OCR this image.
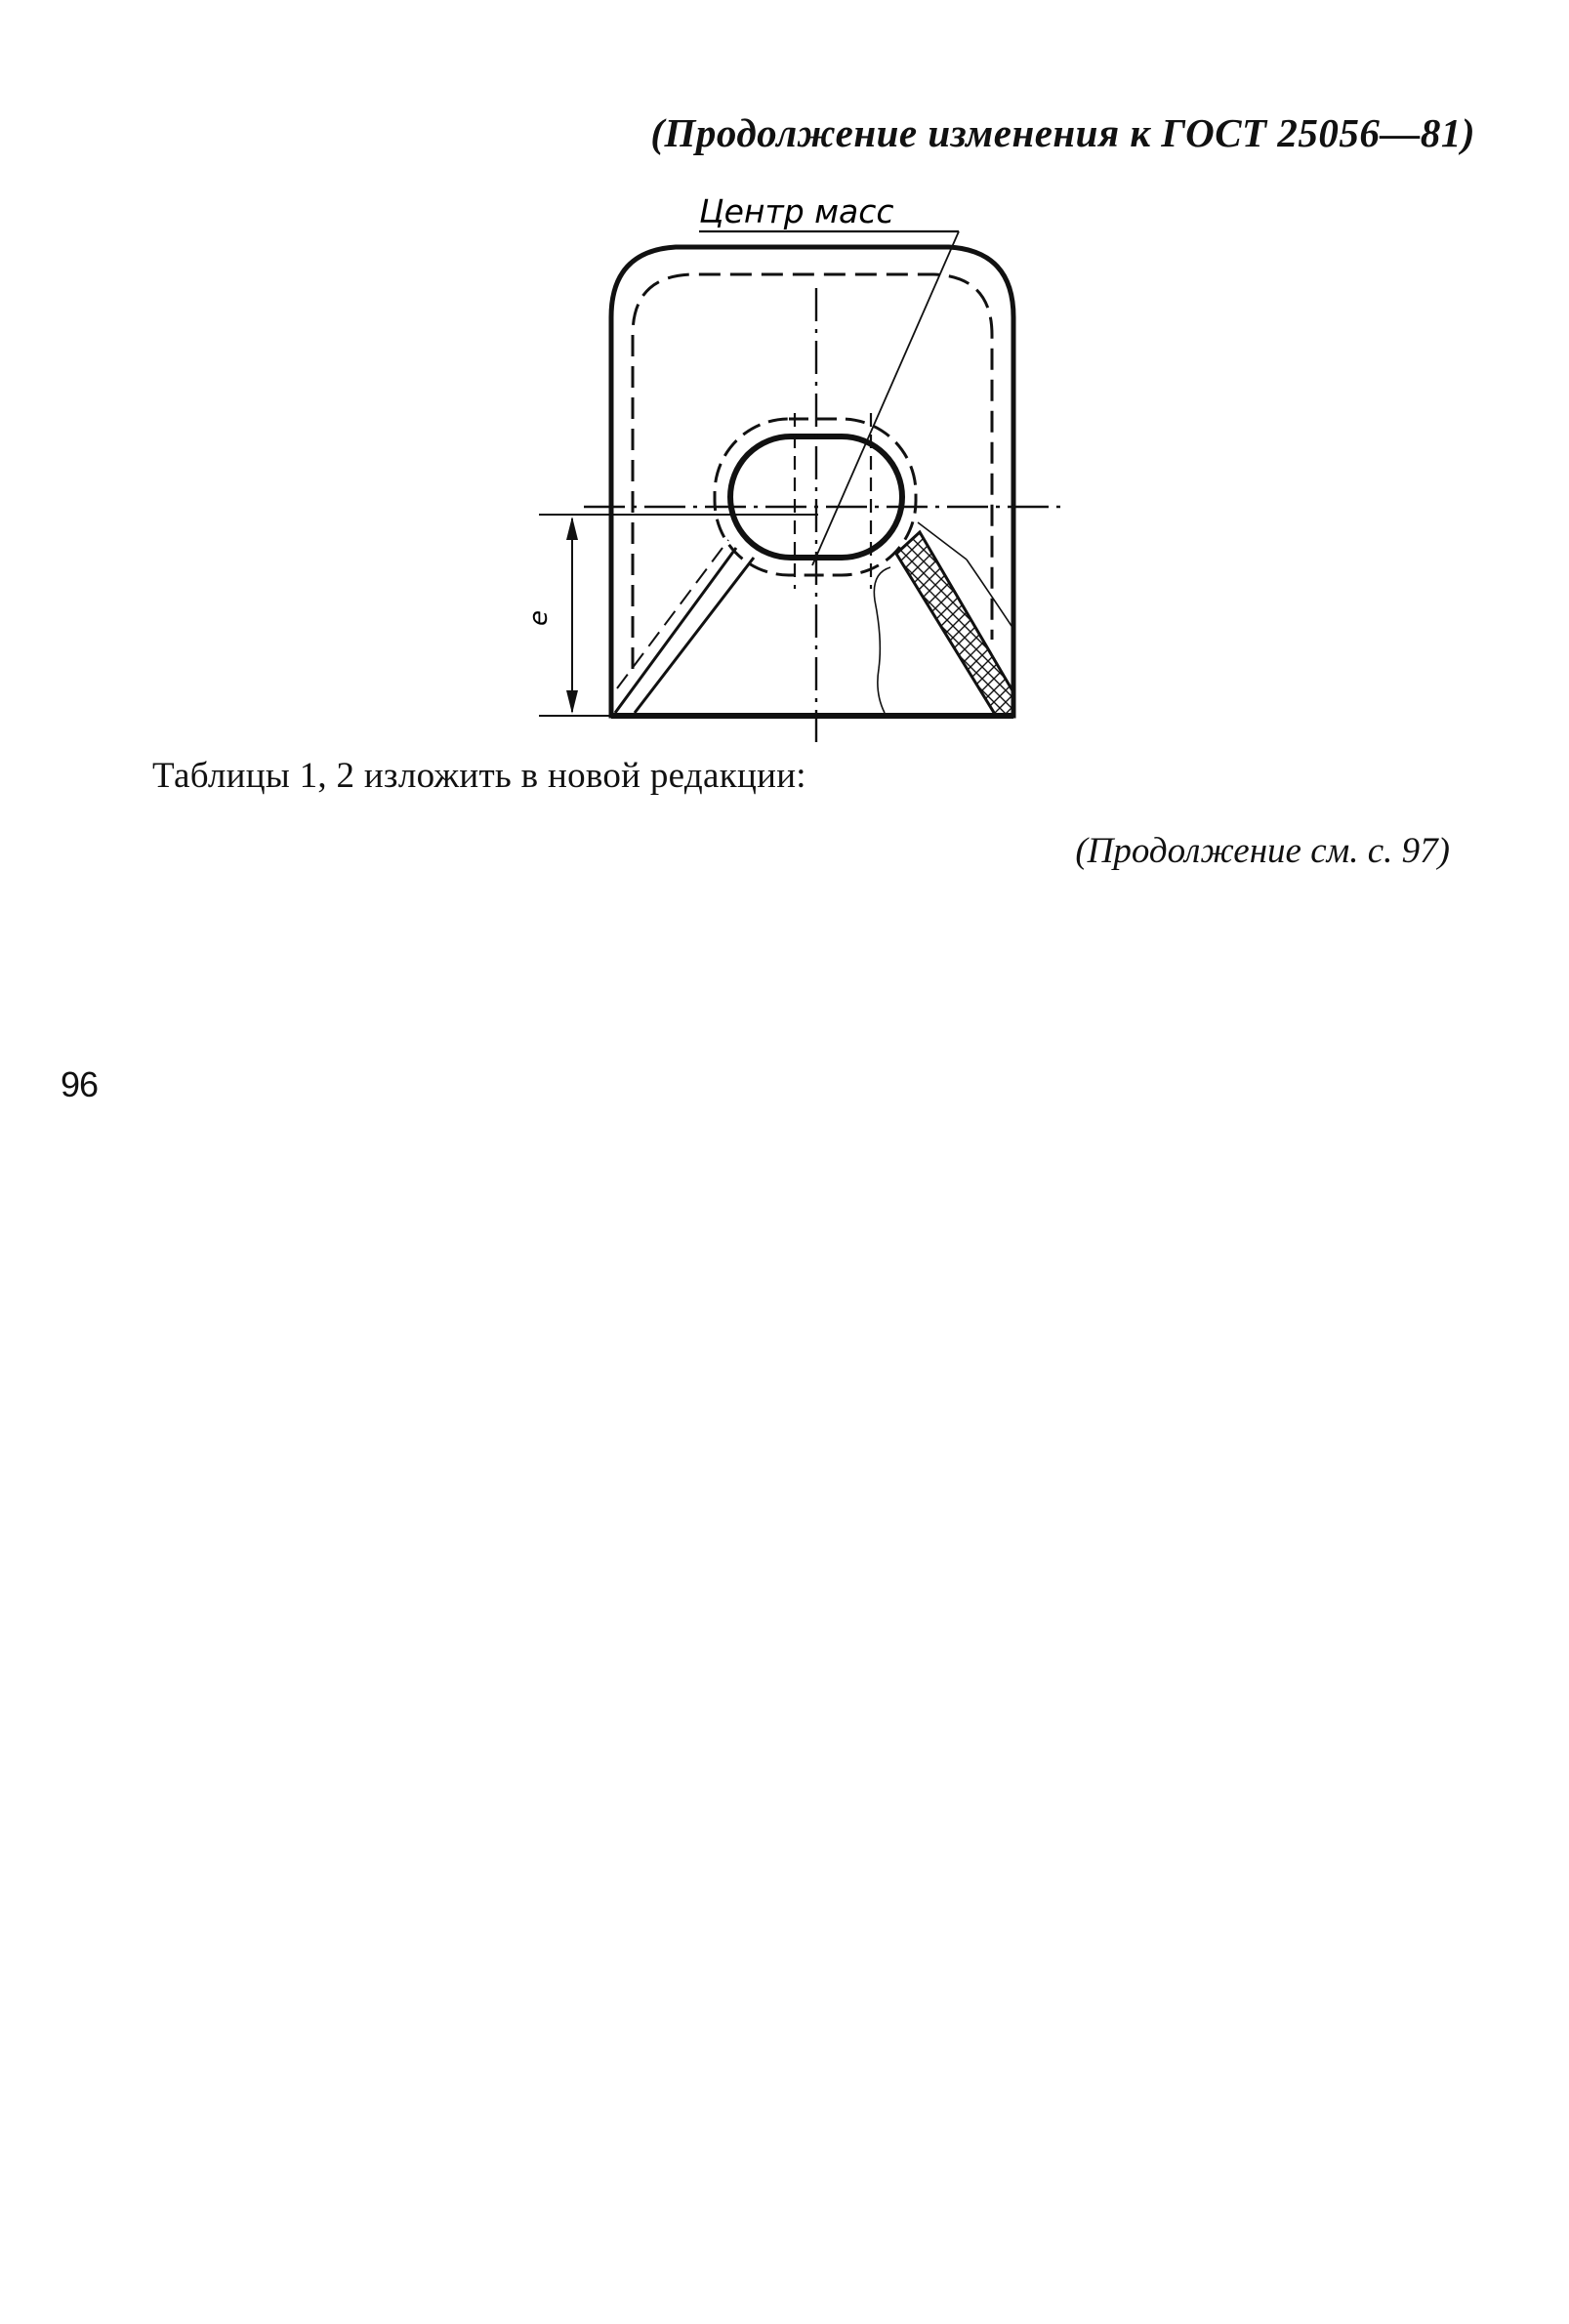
(Продолжение изменения к ГОСТ 25056—81)
Центр масс
e
Таблицы 1, 2 изложить в новой редакции:
(Продолжение см. с. 97)
96
